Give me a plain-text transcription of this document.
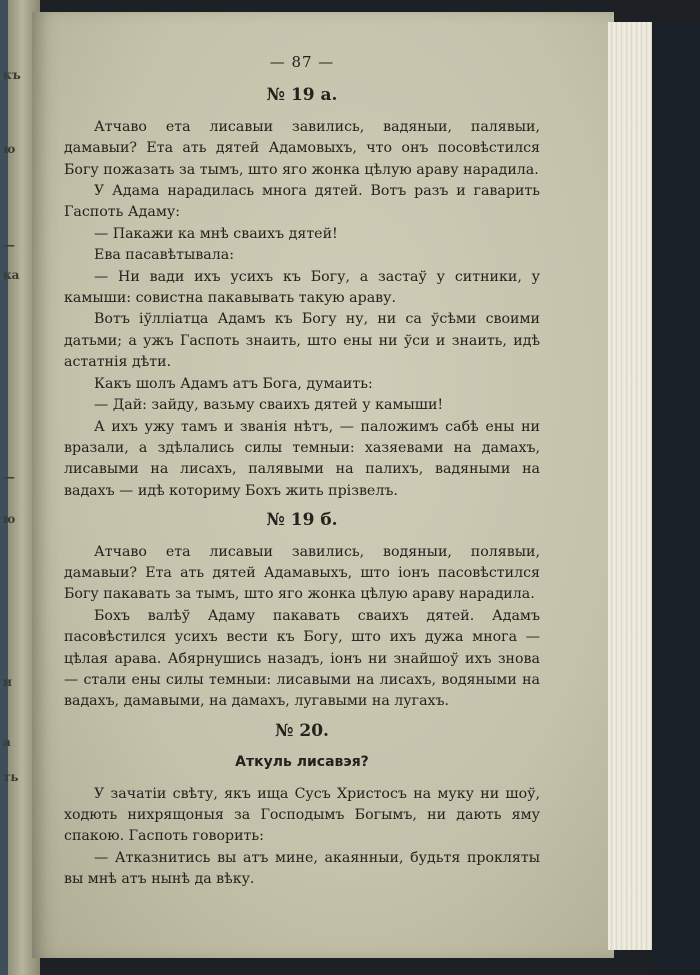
къ
ю
—
ка
—
ю
и
а
ть
— 87 —
№ 19 а.

Атчаво ета лисавыи завились, вадяныи, палявыи, дамавыи? Ета ать дятей Адамовыхъ, что онъ посовѣстился Богу пожазать за тымъ, што яго жонка цѣлую араву нарадила.

У Адама нарадилась многа дятей. Вотъ разъ и гаварить Гаспоть Адаму:

— Пакажи ка мнѣ сваихъ дятей!

Ева пасавѣтывала:

— Ни вади ихъ усихъ къ Богу, а застаў у ситники, у камыши: совистна пакавывать такую араву.

Вотъ іўлліатца Адамъ къ Богу ну, ни са ўсѣми своими датьми; а ужъ Гаспоть знаить, што ены ни ўси и знаить, идѣ астатнія дѣти.

Какъ шолъ Адамъ атъ Бога, думаить:

— Дай: зайду, вазьму сваихъ дятей у камыши!

А ихъ ужу тамъ и званія нѣтъ, — паложимъ сабѣ ены ни вразали, а здѣлались силы темныи: хазяевами на дамахъ, лисавыми на лисахъ, палявыми на палихъ, вадяными на вадахъ — идѣ которимy Бохъ жить прізвелъ.

№ 19 б.

Атчаво ета лисавыи завились, водяныи, полявыи, дамавыи? Ета ать дятей Адамавыхъ, што іонъ пасовѣстился Богу пакавать за тымъ, што яго жонка цѣлую араву нарадила.

Бохъ валѣў Адаму пакавать сваихъ дятей. Адамъ пасовѣстился усихъ вести къ Богу, што ихъ дужа многа — цѣлая арава. Абярнушись назадъ, іонъ ни знайшоў ихъ знова — стали ены силы темныи: лисавыми на лисахъ, водяными на вадахъ, дамавыми, на дамахъ, лугавыми на лугахъ.

№ 20.
Аткуль лисавэя?

У зачатіи свѣту, якъ ища Сусъ Христосъ на муку ни шоў, ходють нихрящоныя за Господымъ Богымъ, ни дають яму спакою. Гаспоть говорить:

— Атказнитись вы атъ мине, акаянныи, будьтя прокляты вы мнѣ атъ нынѣ да вѣку.
